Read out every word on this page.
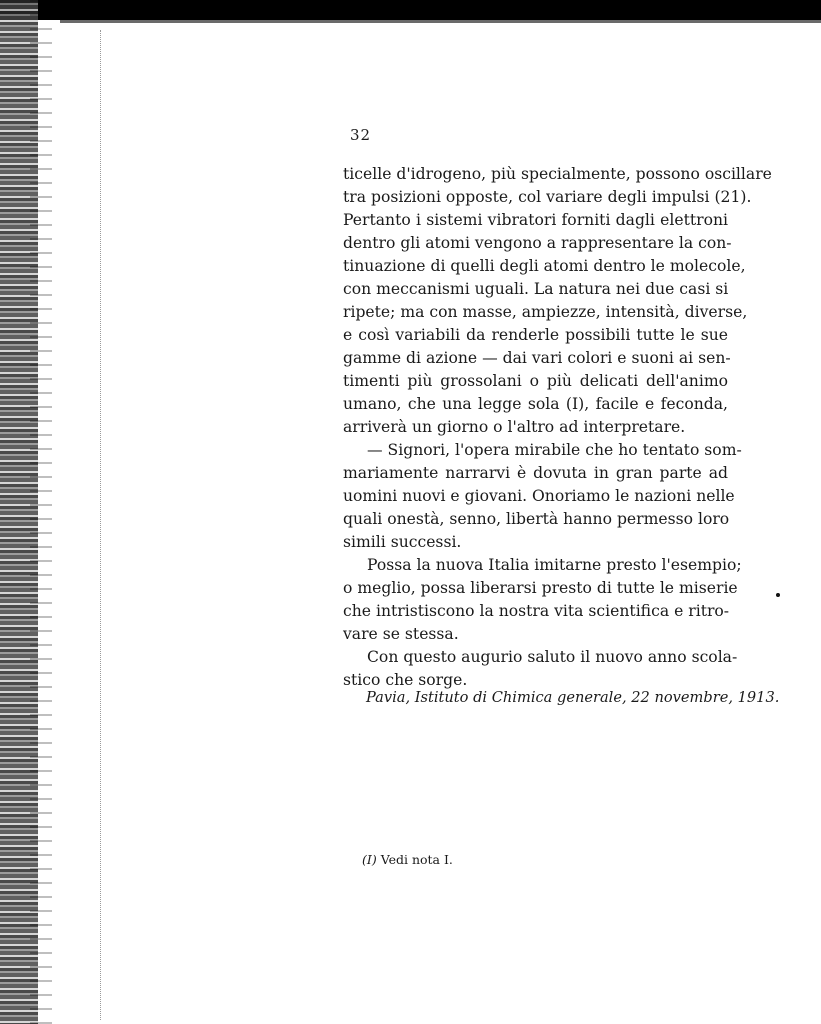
32
ticelle d'idrogeno, più specialmente, possono oscillare
tra posizioni opposte, col variare degli impulsi (21).
Pertanto i sistemi vibratori forniti dagli elettroni
dentro gli atomi vengono a rappresentare la con-
tinuazione di quelli degli atomi dentro le molecole,
con meccanismi uguali. La natura nei due casi si
ripete; ma con masse, ampiezze, intensità, diverse,
e così variabili da renderle possibili tutte le sue
gamme di azione — dai vari colori e suoni ai sen-
timenti più grossolani o più delicati dell'animo
umano, che una legge sola (I), facile e feconda,
arriverà un giorno o l'altro ad interpretare.
— Signori, l'opera mirabile che ho tentato som-
mariamente narrarvi è dovuta in gran parte ad
uomini nuovi e giovani. Onoriamo le nazioni nelle
quali onestà, senno, libertà hanno permesso loro
simili successi.
Possa la nuova Italia imitarne presto l'esempio;
o meglio, possa liberarsi presto di tutte le miserie
che intristiscono la nostra vita scientifica e ritro-
vare se stessa.
Con questo augurio saluto il nuovo anno scola-
stico che sorge.
Pavia, Istituto di Chimica generale, 22 novembre, 1913.
(I) Vedi nota I.
